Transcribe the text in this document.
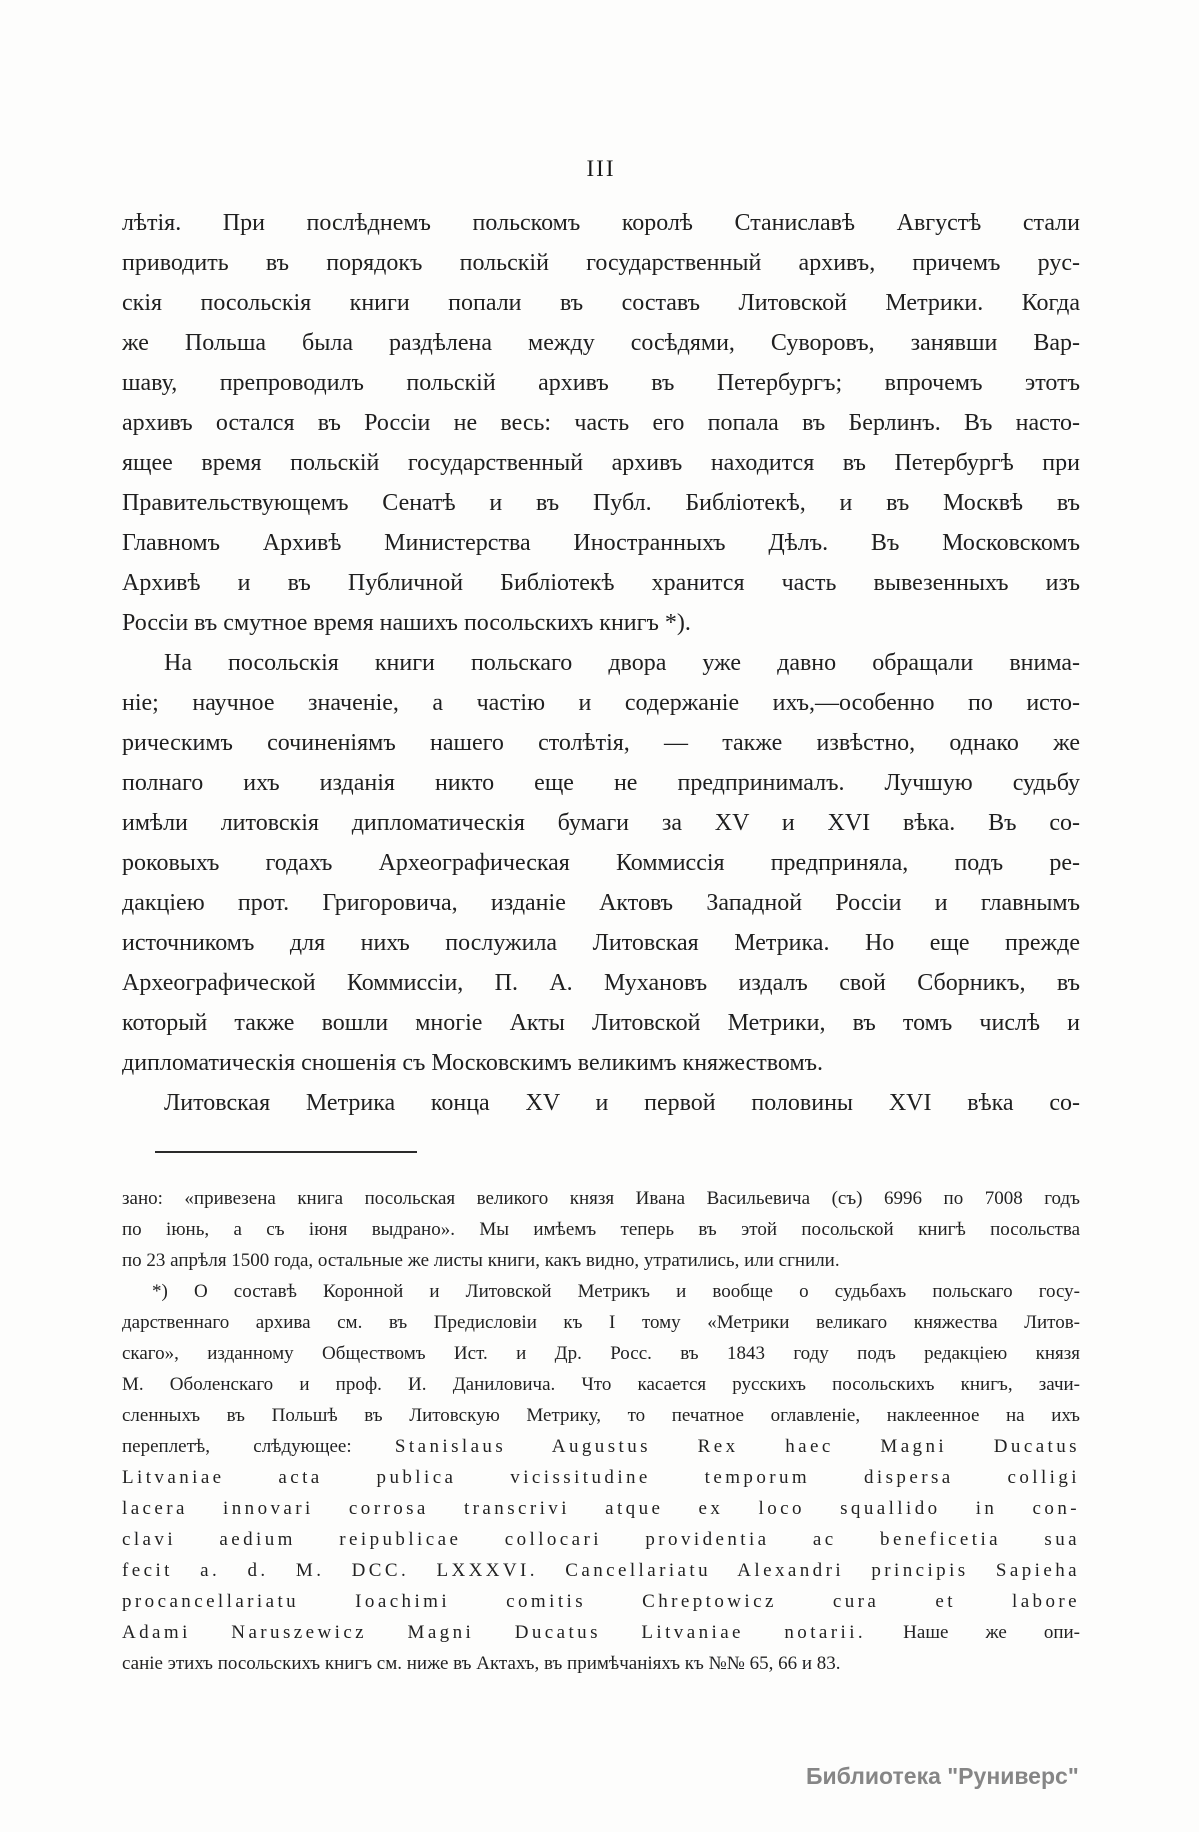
III
лѣтія. При послѣднемъ польскомъ королѣ Станиславѣ Августѣ стали
приводить въ порядокъ польскій государственный архивъ, причемъ рус-
скія посольскія книги попали въ составъ Литовской Метрики. Когда
же Польша была раздѣлена между сосѣдями, Суворовъ, занявши Вар-
шаву, препроводилъ польскій архивъ въ Петербургъ; впрочемъ этотъ
архивъ остался въ Россіи не весь: часть его попала въ Берлинъ. Въ насто-
ящее время польскій государственный архивъ находится въ Петербургѣ при
Правительствующемъ Сенатѣ и въ Публ. Библіотекѣ, и въ Москвѣ въ
Главномъ Архивѣ Министерства Иностранныхъ Дѣлъ. Въ Московскомъ
Архивѣ и въ Публичной Библіотекѣ хранится часть вывезенныхъ изъ
Россіи въ смутное время нашихъ посольскихъ книгъ *).
На посольскія книги польскаго двора уже давно обращали внима-
ніе; научное значеніе, а частію и содержаніе ихъ,—особенно по исто-
рическимъ сочиненіямъ нашего столѣтія, — также извѣстно, однако же
полнаго ихъ изданія никто еще не предпринималъ. Лучшую судьбу
имѣли литовскія дипломатическія бумаги за XV и XVI вѣка. Въ со-
роковыхъ годахъ Археографическая Коммиссія предприняла, подъ ре-
дакціею прот. Григоровича, изданіе Актовъ Западной Россіи и главнымъ
источникомъ для нихъ послужила Литовская Метрика. Но еще прежде
Археографической Коммиссіи, П. А. Мухановъ издалъ свой Сборникъ, въ
который также вошли многіе Акты Литовской Метрики, въ томъ числѣ и
дипломатическія сношенія съ Московскимъ великимъ княжествомъ.
Литовская Метрика конца XV и первой половины XVI вѣка со-
зано: «привезена книга посольская великого князя Ивана Васильевича (съ) 6996 по 7008 годъ
по іюнь, а съ іюня выдрано». Мы имѣемъ теперь въ этой посольской книгѣ посольства
по 23 апрѣля 1500 года, остальные же листы книги, какъ видно, утратились, или сгнили.
*) О составѣ Коронной и Литовской Метрикъ и вообще о судьбахъ польскаго госу-
дарственнаго архива см. въ Предисловіи къ I тому «Метрики великаго княжества Литов-
скаго», изданному Обществомъ Ист. и Др. Росс. въ 1843 году подъ редакціею князя
М. Оболенскаго и проф. И. Даниловича. Что касается русскихъ посольскихъ книгъ, зачи-
сленныхъ въ Польшѣ въ Литовскую Метрику, то печатное оглавленіе, наклеенное на ихъ
переплетѣ, слѣдующее: Stanislaus Augustus Rex haec Magni Ducatus
Litvaniae acta publica vicissitudine temporum dispersa colligi
lacera innovari corrosa transcrivi atque ex loco squallido in con-
clavi aedium reipublicae collocari providentia ac beneficetia sua
fecit a. d. M. DCC. LXXXVI. Cancellariatu Alexandri principis Sapieha
procancellariatu Ioachimi comitis Chreptowicz cura et labore
Adami Naruszewicz Magni Ducatus Litvaniae notarii. Наше же опи-
саніе этихъ посольскихъ книгъ см. ниже въ Актахъ, въ примѣчаніяхъ къ №№ 65, 66 и 83.
Библиотека "Руниверс"
